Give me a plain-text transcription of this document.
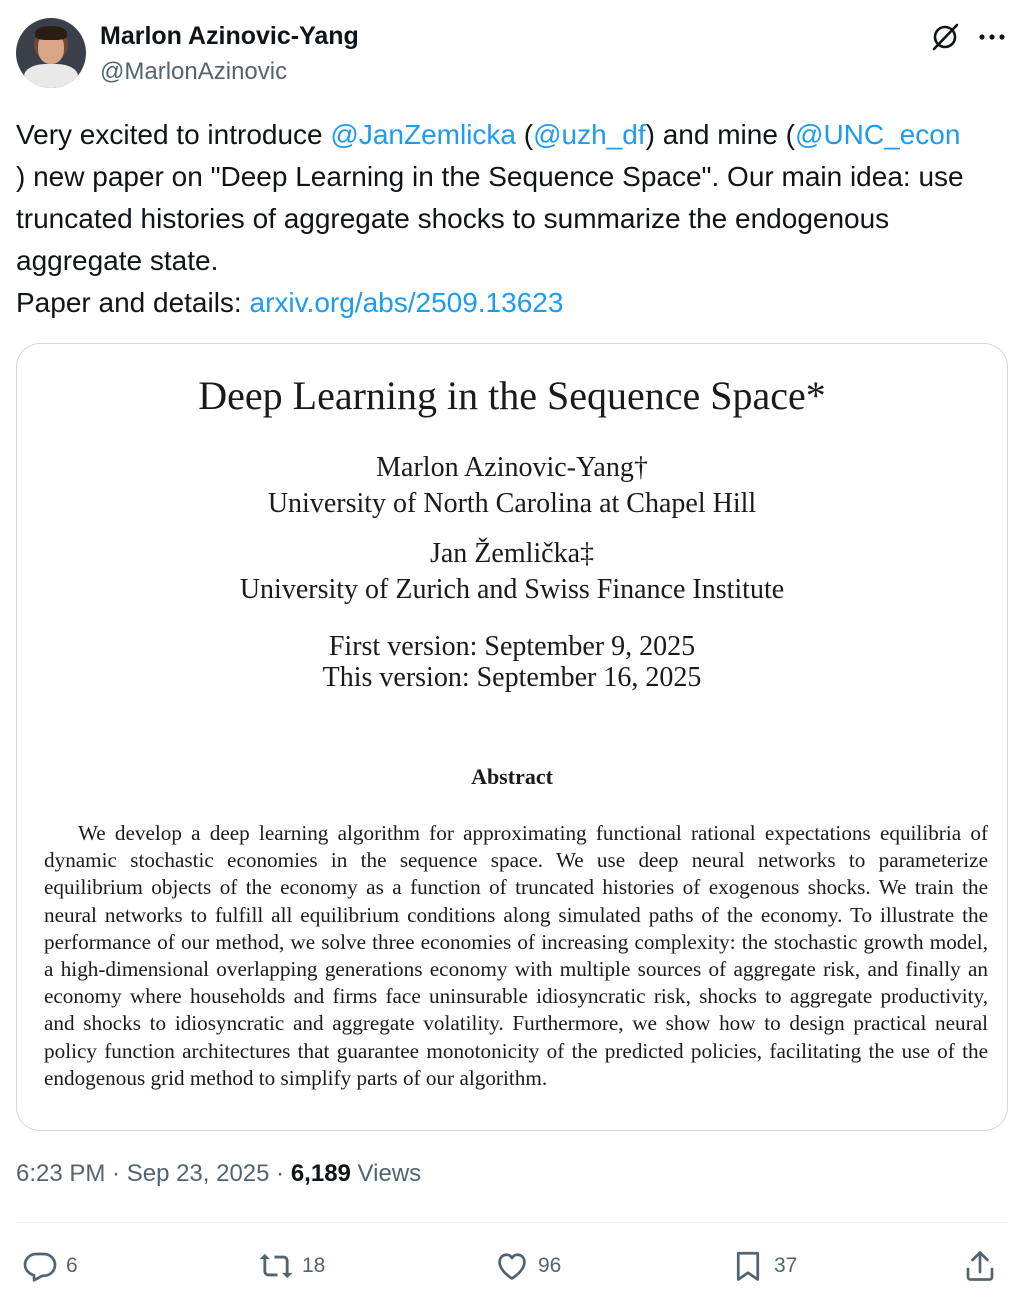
Marlon Azinovic-Yang
@MarlonAzinovic
Very excited to introduce @JanZemlicka (@uzh_df) and mine (@UNC_econ
) new paper on "Deep Learning in the Sequence Space". Our main idea: use truncated histories of aggregate shocks to summarize the endogenous aggregate state.
Paper and details: arxiv.org/abs/2509.13623
Deep Learning in the Sequence Space*
Marlon Azinovic-Yang†
University of North Carolina at Chapel Hill
Jan Žemlička‡
University of Zurich and Swiss Finance Institute
First version: September 9, 2025
This version: September 16, 2025
Abstract
We develop a deep learning algorithm for approximating functional rational expectations equilibria of dynamic stochastic economies in the sequence space. We use deep neural networks to parameterize equilibrium objects of the economy as a function of truncated histories of exogenous shocks. We train the neural networks to fulfill all equilibrium conditions along simulated paths of the economy. To illustrate the performance of our method, we solve three economies of increasing complexity: the stochastic growth model, a high-dimensional overlapping generations economy with multiple sources of aggregate risk, and finally an economy where households and firms face uninsurable idiosyncratic risk, shocks to aggregate productivity, and shocks to idiosyncratic and aggregate volatility. Furthermore, we show how to design practical neural policy function architectures that guarantee monotonicity of the predicted policies, facilitating the use of the endogenous grid method to simplify parts of our algorithm.
6:23 PM · Sep 23, 2025 · 6,189 Views
6	18	96	37
